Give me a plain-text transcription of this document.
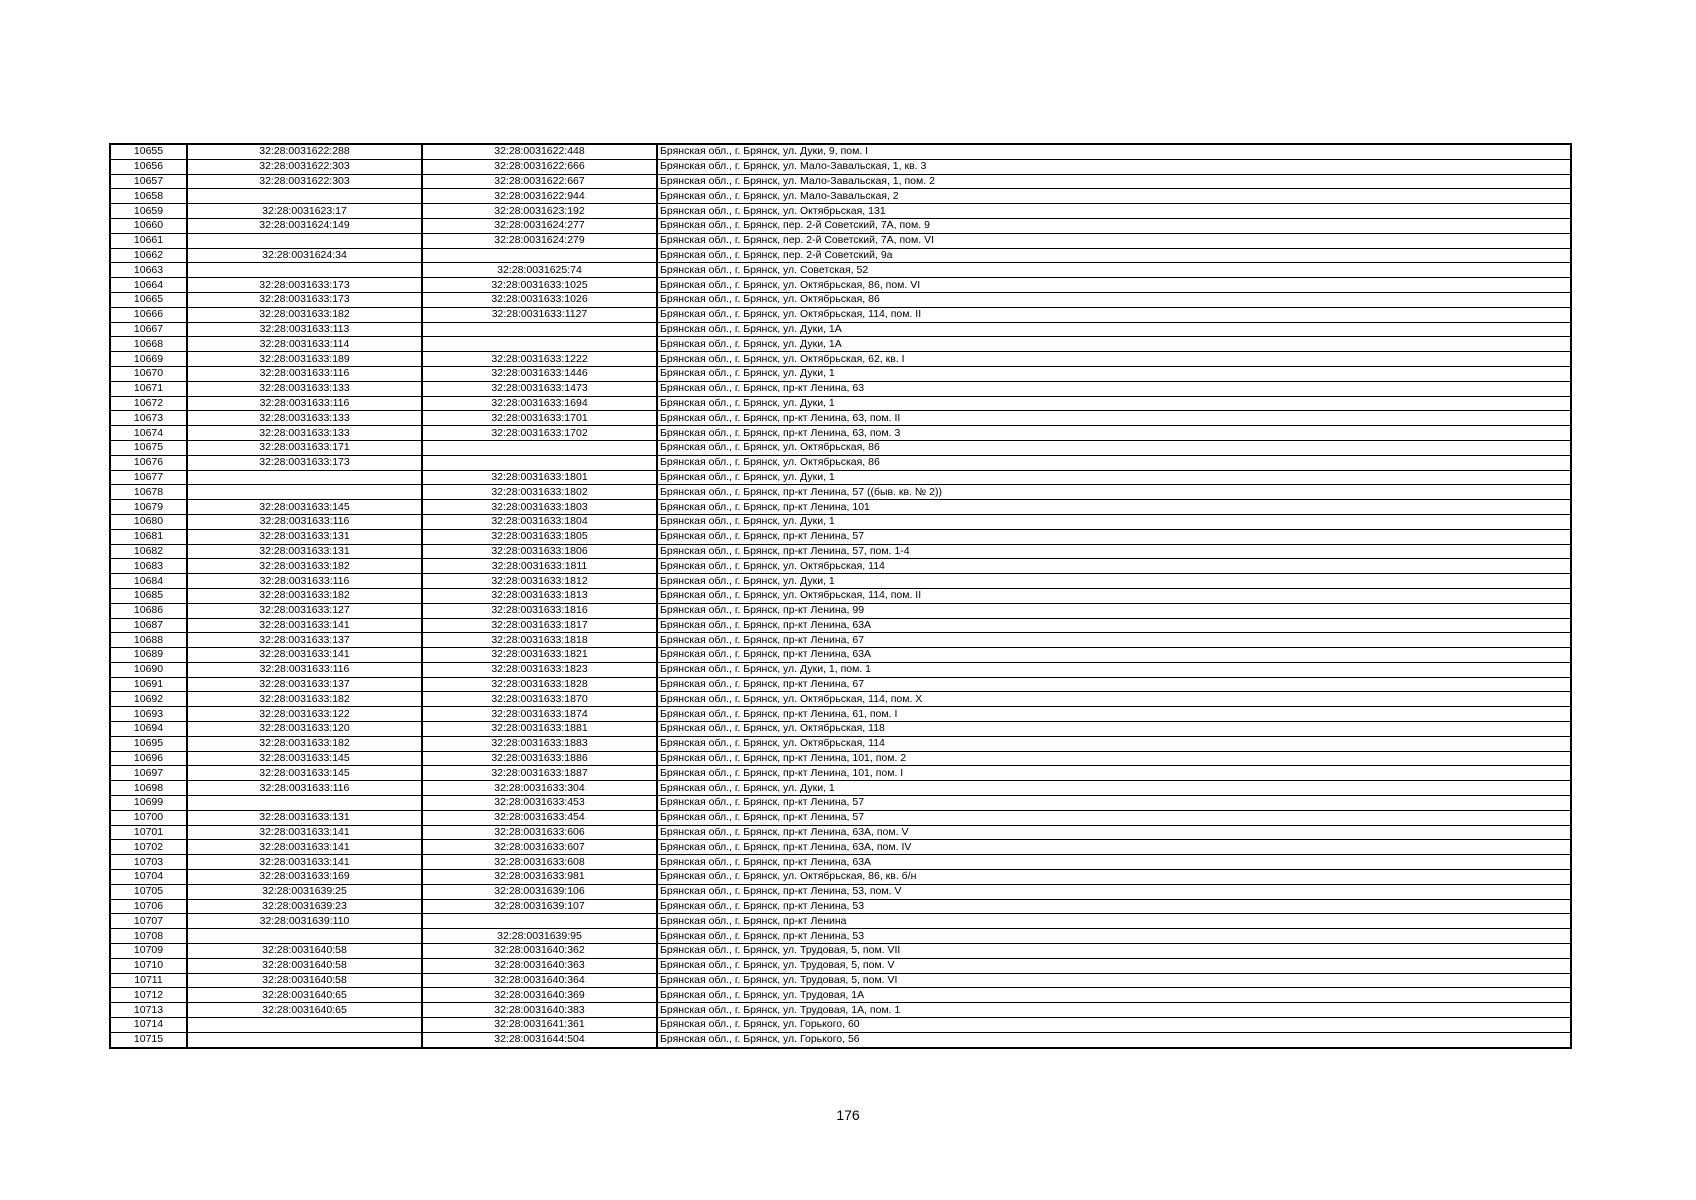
10655	32:28:0031622:288	32:28:0031622:448	Брянская обл., г. Брянск, ул. Дуки, 9, пом. I
10656	32:28:0031622:303	32:28:0031622:666	Брянская обл., г. Брянск, ул. Мало-Завальская, 1, кв. 3
10657	32:28:0031622:303	32:28:0031622:667	Брянская обл., г. Брянск, ул. Мало-Завальская, 1, пом. 2
10658		32:28:0031622:944	Брянская обл., г. Брянск, ул. Мало-Завальская, 2
10659	32:28:0031623:17	32:28:0031623:192	Брянская обл., г. Брянск, ул. Октябрьская, 131
10660	32:28:0031624:149	32:28:0031624:277	Брянская обл., г. Брянск, пер. 2-й Советский, 7А, пом. 9
10661		32:28:0031624:279	Брянская обл., г. Брянск, пер. 2-й Советский, 7А, пом. VI
10662	32:28:0031624:34		Брянская обл., г. Брянск, пер. 2-й Советский, 9а
10663		32:28:0031625:74	Брянская обл., г. Брянск, ул. Советская, 52
10664	32:28:0031633:173	32:28:0031633:1025	Брянская обл., г. Брянск, ул. Октябрьская, 86, пом. VI
10665	32:28:0031633:173	32:28:0031633:1026	Брянская обл., г. Брянск, ул. Октябрьская, 86
10666	32:28:0031633:182	32:28:0031633:1127	Брянская обл., г. Брянск, ул. Октябрьская, 114, пом. II
10667	32:28:0031633:113		Брянская обл., г. Брянск, ул. Дуки, 1А
10668	32:28:0031633:114		Брянская обл., г. Брянск, ул. Дуки, 1А
10669	32:28:0031633:189	32:28:0031633:1222	Брянская обл., г. Брянск, ул. Октябрьская, 62, кв. I
10670	32:28:0031633:116	32:28:0031633:1446	Брянская обл., г. Брянск, ул. Дуки, 1
10671	32:28:0031633:133	32:28:0031633:1473	Брянская обл., г. Брянск, пр-кт Ленина, 63
10672	32:28:0031633:116	32:28:0031633:1694	Брянская обл., г. Брянск, ул. Дуки, 1
10673	32:28:0031633:133	32:28:0031633:1701	Брянская обл., г. Брянск, пр-кт Ленина, 63, пом. II
10674	32:28:0031633:133	32:28:0031633:1702	Брянская обл., г. Брянск, пр-кт Ленина, 63, пом. 3
10675	32:28:0031633:171		Брянская обл., г. Брянск, ул. Октябрьская, 86
10676	32:28:0031633:173		Брянская обл., г. Брянск, ул. Октябрьская, 86
10677		32:28:0031633:1801	Брянская обл., г. Брянск, ул. Дуки, 1
10678		32:28:0031633:1802	Брянская обл., г. Брянск, пр-кт Ленина, 57 ((быв. кв. № 2))
10679	32:28:0031633:145	32:28:0031633:1803	Брянская обл., г. Брянск, пр-кт Ленина, 101
10680	32:28:0031633:116	32:28:0031633:1804	Брянская обл., г. Брянск, ул. Дуки, 1
10681	32:28:0031633:131	32:28:0031633:1805	Брянская обл., г. Брянск, пр-кт Ленина, 57
10682	32:28:0031633:131	32:28:0031633:1806	Брянская обл., г. Брянск, пр-кт Ленина, 57, пом. 1-4
10683	32:28:0031633:182	32:28:0031633:1811	Брянская обл., г. Брянск, ул. Октябрьская, 114
10684	32:28:0031633:116	32:28:0031633:1812	Брянская обл., г. Брянск, ул. Дуки, 1
10685	32:28:0031633:182	32:28:0031633:1813	Брянская обл., г. Брянск, ул. Октябрьская, 114, пом. II
10686	32:28:0031633:127	32:28:0031633:1816	Брянская обл., г. Брянск, пр-кт Ленина, 99
10687	32:28:0031633:141	32:28:0031633:1817	Брянская обл., г. Брянск, пр-кт Ленина, 63А
10688	32:28:0031633:137	32:28:0031633:1818	Брянская обл., г. Брянск, пр-кт Ленина, 67
10689	32:28:0031633:141	32:28:0031633:1821	Брянская обл., г. Брянск, пр-кт Ленина, 63А
10690	32:28:0031633:116	32:28:0031633:1823	Брянская обл., г. Брянск, ул. Дуки, 1, пом. 1
10691	32:28:0031633:137	32:28:0031633:1828	Брянская обл., г. Брянск, пр-кт Ленина, 67
10692	32:28:0031633:182	32:28:0031633:1870	Брянская обл., г. Брянск, ул. Октябрьская, 114, пом. X
10693	32:28:0031633:122	32:28:0031633:1874	Брянская обл., г. Брянск, пр-кт Ленина, 61, пом. I
10694	32:28:0031633:120	32:28:0031633:1881	Брянская обл., г. Брянск, ул. Октябрьская, 118
10695	32:28:0031633:182	32:28:0031633:1883	Брянская обл., г. Брянск, ул. Октябрьская, 114
10696	32:28:0031633:145	32:28:0031633:1886	Брянская обл., г. Брянск, пр-кт Ленина, 101, пом. 2
10697	32:28:0031633:145	32:28:0031633:1887	Брянская обл., г. Брянск, пр-кт Ленина, 101, пом. I
10698	32:28:0031633:116	32:28:0031633:304	Брянская обл., г. Брянск, ул. Дуки, 1
10699		32:28:0031633:453	Брянская обл., г. Брянск, пр-кт Ленина, 57
10700	32:28:0031633:131	32:28:0031633:454	Брянская обл., г. Брянск, пр-кт Ленина, 57
10701	32:28:0031633:141	32:28:0031633:606	Брянская обл., г. Брянск, пр-кт Ленина, 63А, пом. V
10702	32:28:0031633:141	32:28:0031633:607	Брянская обл., г. Брянск, пр-кт Ленина, 63А, пом. IV
10703	32:28:0031633:141	32:28:0031633:608	Брянская обл., г. Брянск, пр-кт Ленина, 63А
10704	32:28:0031633:169	32:28:0031633:981	Брянская обл., г. Брянск, ул. Октябрьская, 86, кв. б/н
10705	32:28:0031639:25	32:28:0031639:106	Брянская обл., г. Брянск, пр-кт Ленина, 53, пом. V
10706	32:28:0031639:23	32:28:0031639:107	Брянская обл., г. Брянск, пр-кт Ленина, 53
10707	32:28:0031639:110		Брянская обл., г. Брянск, пр-кт Ленина
10708		32:28:0031639:95	Брянская обл., г. Брянск, пр-кт Ленина, 53
10709	32:28:0031640:58	32:28:0031640:362	Брянская обл., г. Брянск, ул. Трудовая, 5, пом. VII
10710	32:28:0031640:58	32:28:0031640:363	Брянская обл., г. Брянск, ул. Трудовая, 5, пом. V
10711	32:28:0031640:58	32:28:0031640:364	Брянская обл., г. Брянск, ул. Трудовая, 5, пом. VI
10712	32:28:0031640:65	32:28:0031640:369	Брянская обл., г. Брянск, ул. Трудовая, 1А
10713	32:28:0031640:65	32:28:0031640:383	Брянская обл., г. Брянск, ул. Трудовая, 1А, пом. 1
10714		32:28:0031641:361	Брянская обл., г. Брянск, ул. Горького, 60
10715		32:28:0031644:504	Брянская обл., г. Брянск, ул. Горького, 56
176
